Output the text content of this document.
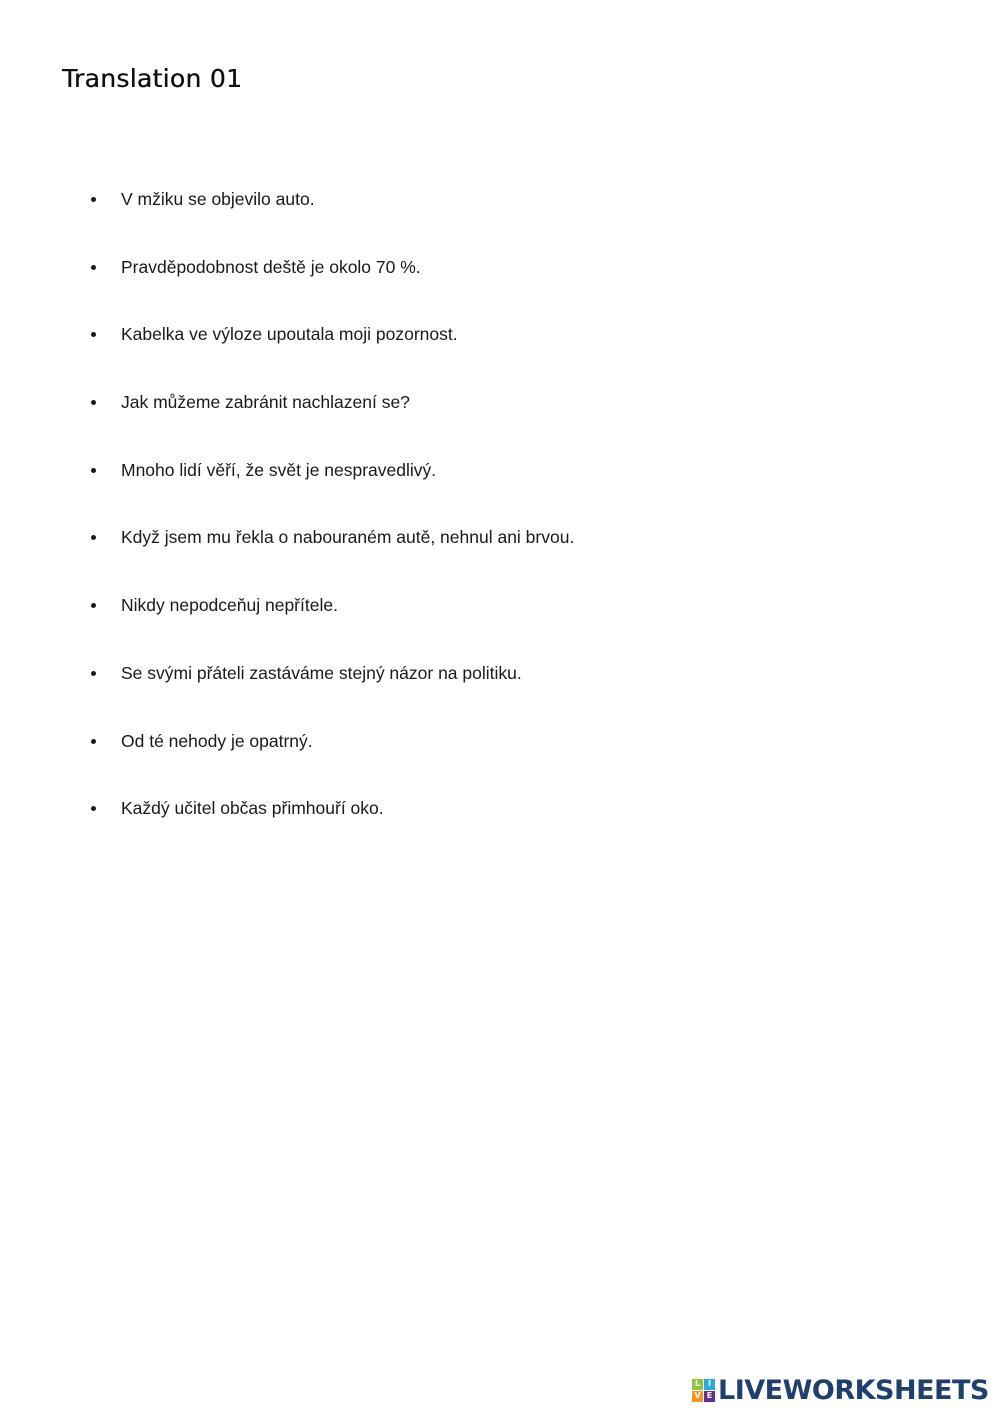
Translation 01
V mžiku se objevilo auto.
Pravděpodobnost deště je okolo 70 %.
Kabelka ve výloze upoutala moji pozornost.
Jak můžeme zabránit nachlazení se?
Mnoho lidí věří, že svět je nespravedlivý.
Když jsem mu řekla o nabouraném autě, nehnul ani brvou.
Nikdy nepodceňuj nepřítele.
Se svými přáteli zastáváme stejný názor na politiku.
Od té nehody je opatrný.
Každý učitel občas přimhouří oko.
L I
V E LIVEWORKSHEETS
